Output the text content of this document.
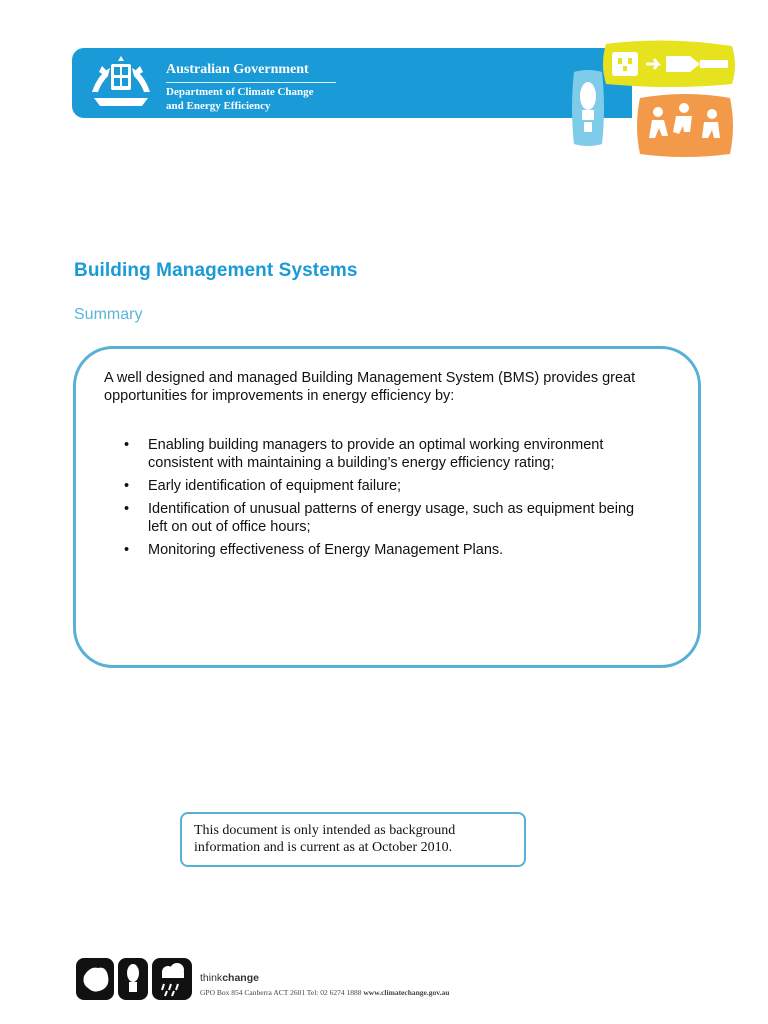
Australian Government
Department of Climate Change
and Energy Efficiency
Building Management Systems
Summary
A well designed and managed Building Management System (BMS) provides great opportunities for improvements in energy efficiency by:
• Enabling building managers to provide an optimal working environment consistent with maintaining a building’s energy efficiency rating;
• Early identification of equipment failure;
• Identification of unusual patterns of energy usage, such as equipment being left on out of office hours;
• Monitoring effectiveness of Energy Management Plans.
This document is only intended as background information and is current as at October 2010.
thinkchange
GPO Box 854 Canberra ACT 2601 Tel: 02 6274 1888 www.climatechange.gov.au
